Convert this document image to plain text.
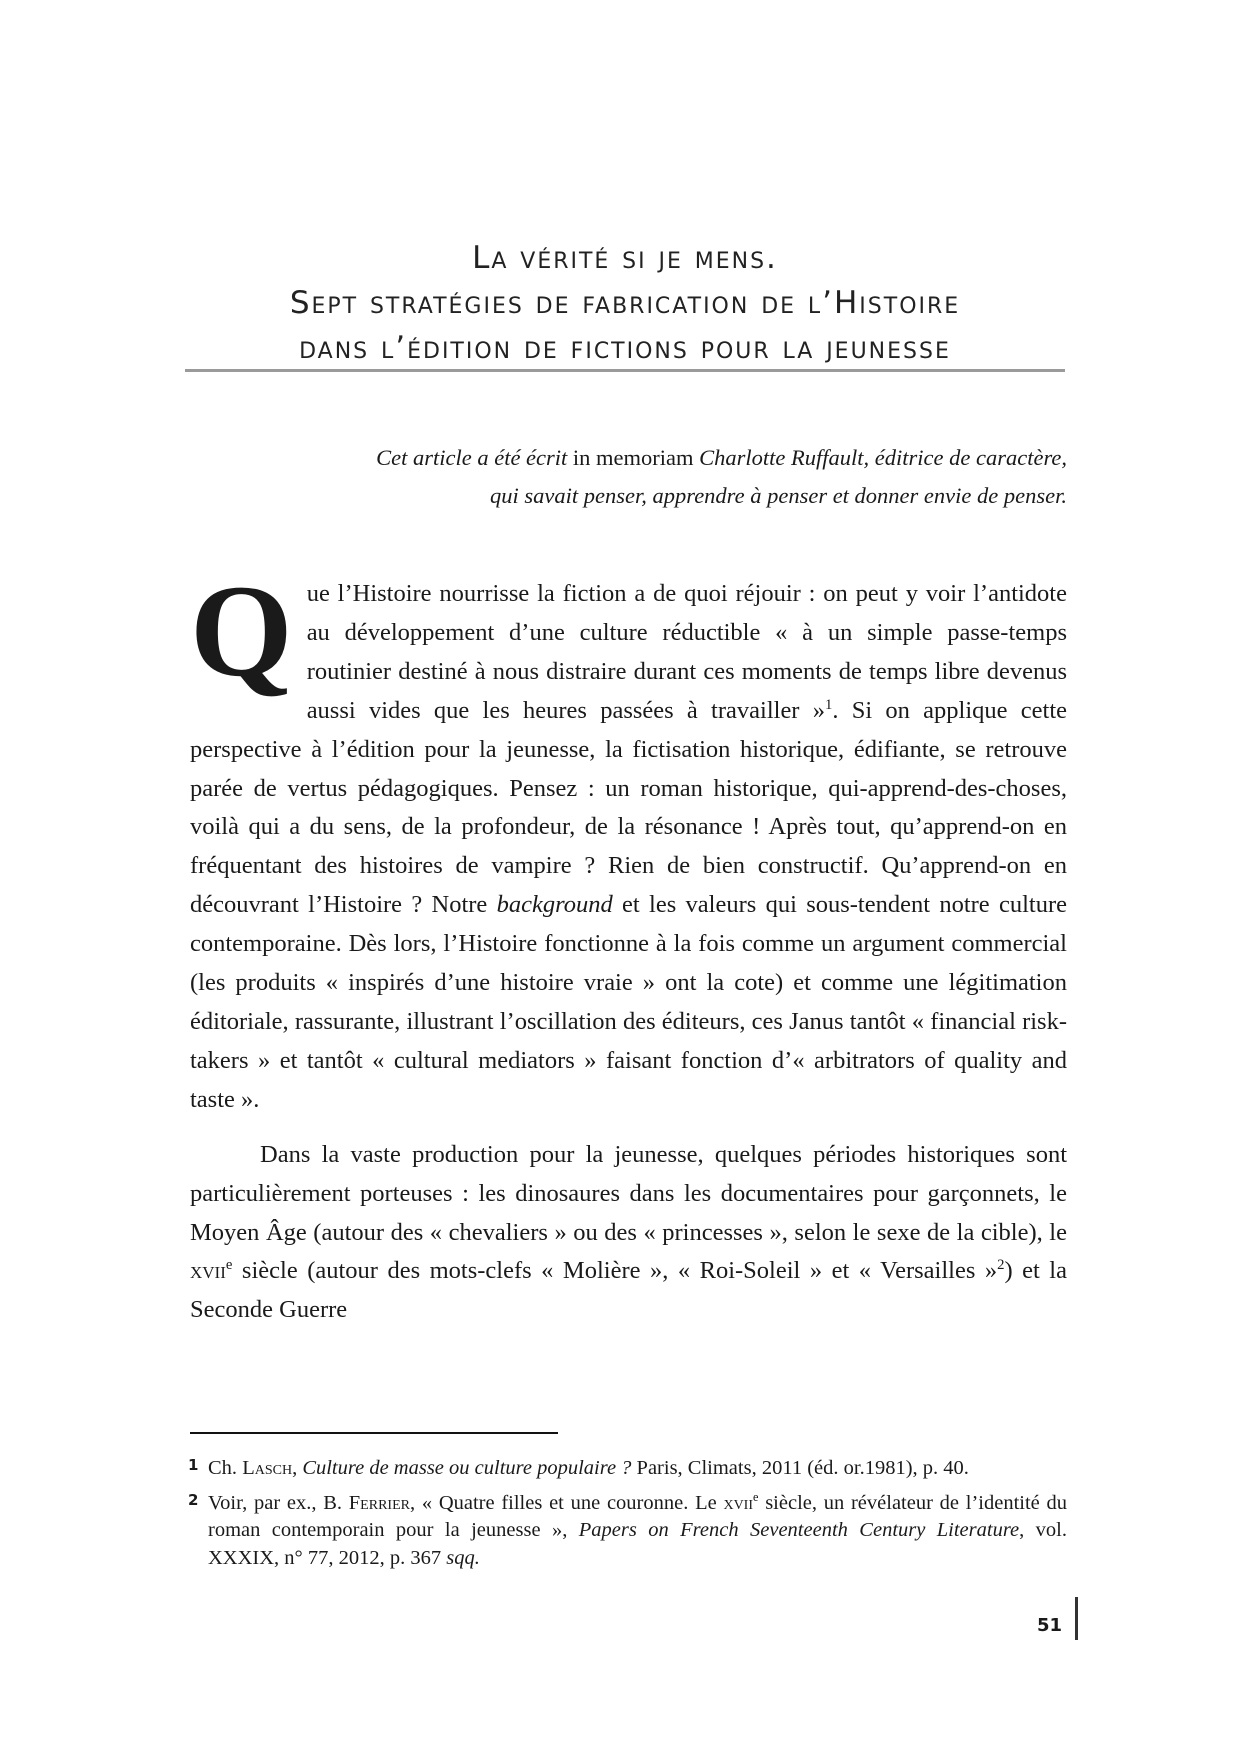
La vérité si je mens.
Sept stratégies de fabrication de l’Histoire
dans l’édition de fictions pour la jeunesse
Cet article a été écrit in memoriam Charlotte Ruffault, éditrice de caractère,
qui savait penser, apprendre à penser et donner envie de penser.

Que l’Histoire nourrisse la fiction a de quoi réjouir : on peut y voir l’antidote au développement d’une culture réductible « à un simple passe-temps routinier destiné à nous distraire durant ces moments de temps libre devenus aussi vides que les heures passées à travailler »$^1$. Si on applique cette perspective à l’édition pour la jeunesse, la fictisation historique, édifiante, se retrouve parée de vertus pédagogiques. Pensez : un roman historique, qui-apprend-des-choses, voilà qui a du sens, de la profondeur, de la résonance ! Après tout, qu’apprend-on en fréquentant des histoires de vampire ? Rien de bien constructif. Qu’apprend-on en découvrant l’Histoire ? Notre background et les valeurs qui sous-tendent notre culture contemporaine. Dès lors, l’Histoire fonctionne à la fois comme un argument commercial (les produits « inspirés d’une histoire vraie » ont la cote) et comme une légitimation éditoriale, rassurante, illustrant l’oscillation des éditeurs, ces Janus tantôt « financial risk-takers » et tantôt « cultural mediators » faisant fonction d’« arbitrators of quality and taste ».

Dans la vaste production pour la jeunesse, quelques périodes historiques sont particulièrement porteuses : les dinosaures dans les documentaires pour garçonnets, le Moyen Âge (autour des « chevaliers » ou des « princesses », selon le sexe de la cible), le xvii$^e$ siècle (autour des mots-clefs « Molière », « Roi-Soleil » et « Versailles »$^2$) et la Seconde Guerre

1 Ch. Lasch, Culture de masse ou culture populaire ? Paris, Climats, 2011 (éd. or.1981), p. 40.
2 Voir, par ex., B. Ferrier, « Quatre filles et une couronne. Le xvii$^e$ siècle, un révélateur de l’identité du roman contemporain pour la jeunesse », Papers on French Seventeenth Century Literature, vol. XXXIX, n° 77, 2012, p. 367 sqq.
51
